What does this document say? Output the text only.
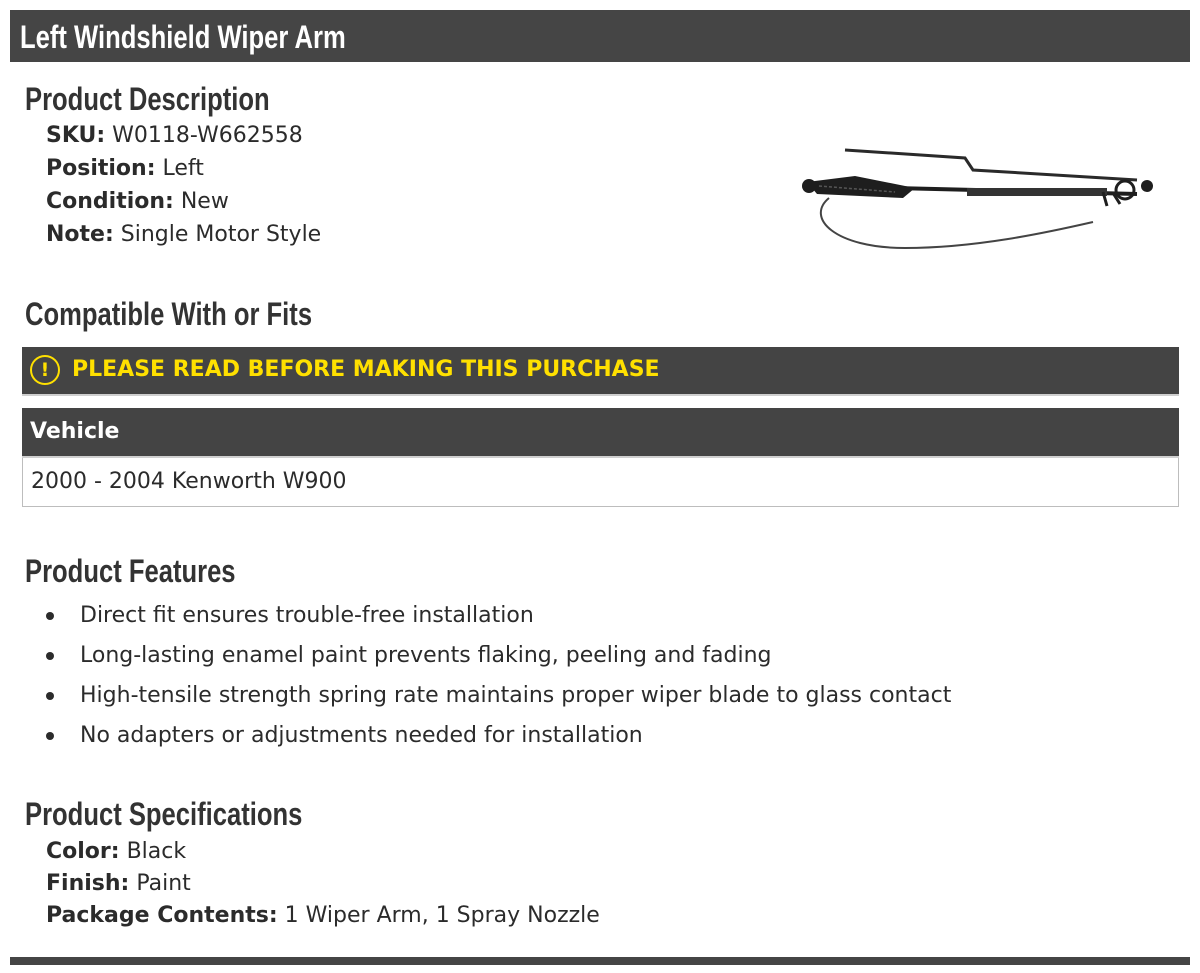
Left Windshield Wiper Arm
Product Description
SKU: W0118-W662558
Position: Left
Condition: New
Note: Single Motor Style
Compatible With or Fits
!	PLEASE READ BEFORE MAKING THIS PURCHASE
Vehicle
2000 - 2004 Kenworth W900
Product Features
Direct fit ensures trouble-free installation
Long-lasting enamel paint prevents flaking, peeling and fading
High-tensile strength spring rate maintains proper wiper blade to glass contact
No adapters or adjustments needed for installation
Product Specifications
Color: Black
Finish: Paint
Package Contents: 1 Wiper Arm, 1 Spray Nozzle
